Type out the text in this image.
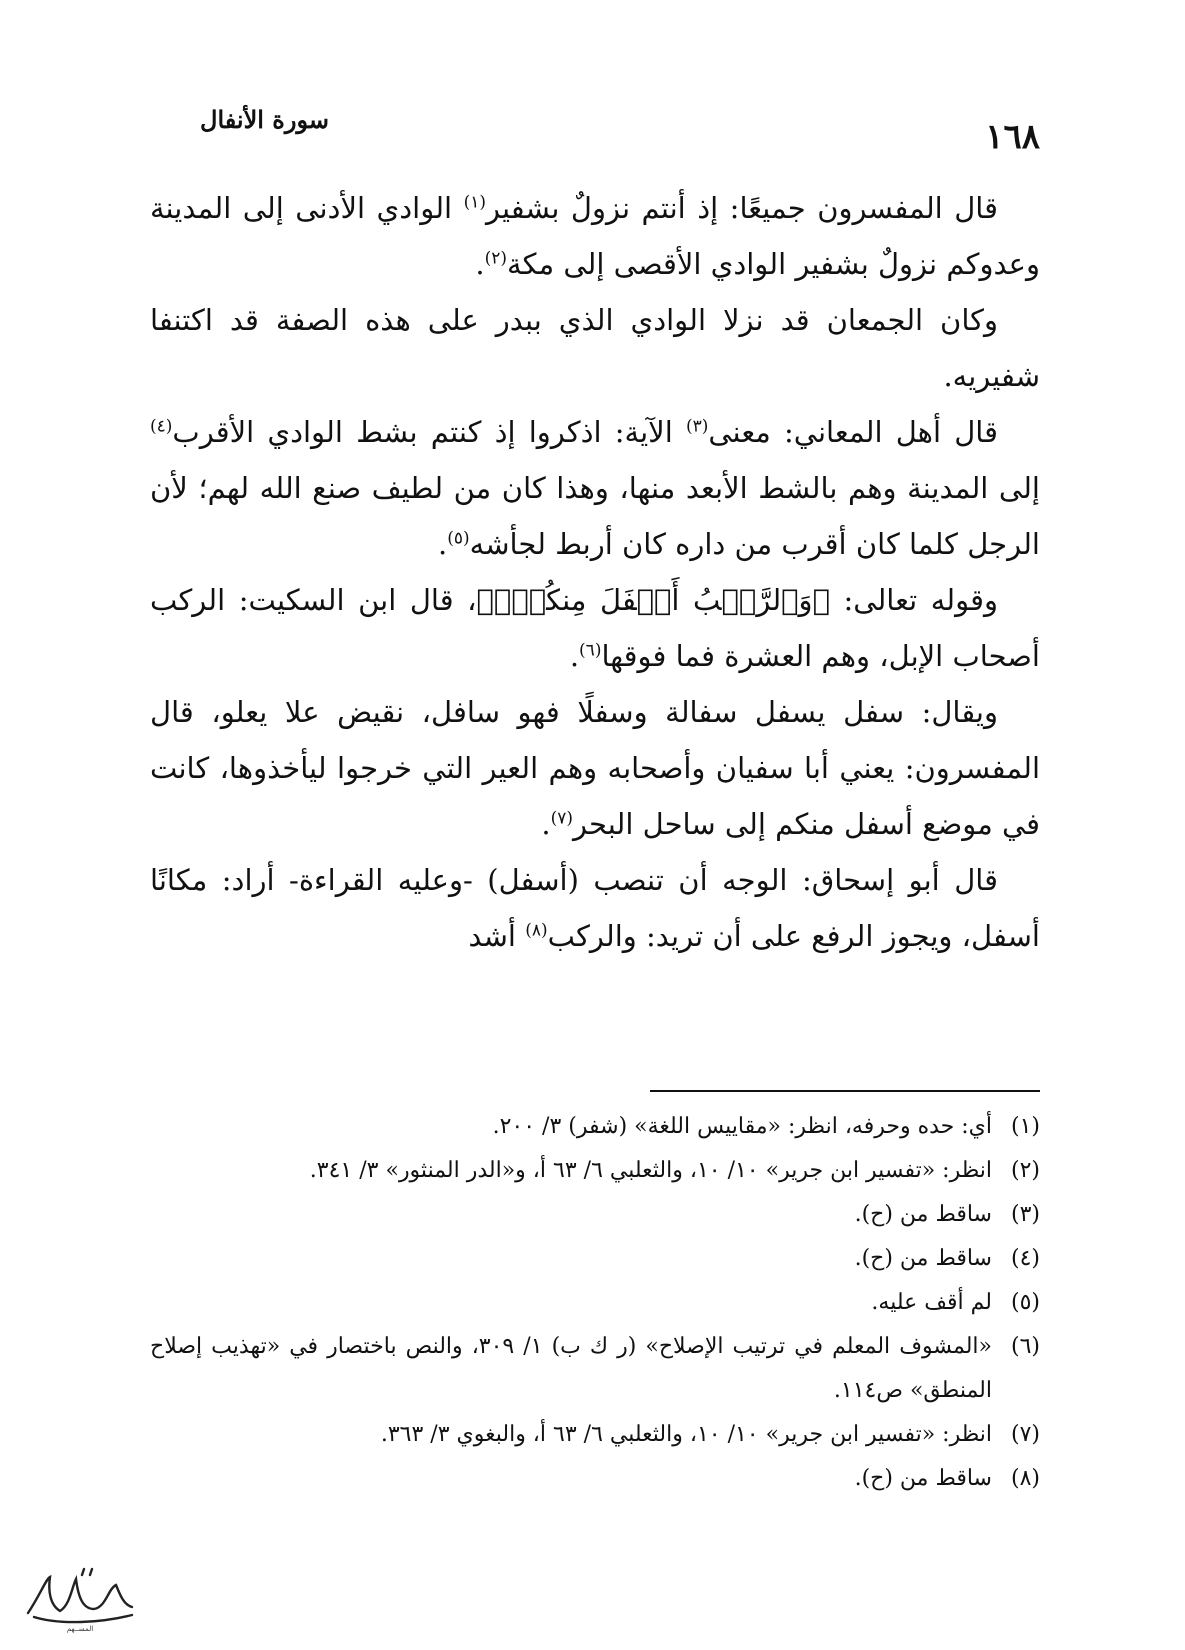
سورة الأنفال	١٦٨

قال المفسرون جميعًا: إذ أنتم نزولٌ بشفير$^{(١)}$ الوادي الأدنى إلى المدينة وعدوكم نزولٌ بشفير الوادي الأقصى إلى مكة$^{(٢)}$.

وكان الجمعان قد نزلا الوادي الذي ببدر على هذه الصفة قد اكتنفا شفيريه.

قال أهل المعاني: معنى$^{(٣)}$ الآية: اذكروا إذ كنتم بشط الوادي الأقرب$^{(٤)}$ إلى المدينة وهم بالشط الأبعد منها، وهذا كان من لطيف صنع الله لهم؛ لأن الرجل كلما كان أقرب من داره كان أربط لجأشه$^{(٥)}$.

وقوله تعالى: ﴿وَٱلرَّكۡبُ أَسۡفَلَ مِنكُمۡۚ﴾، قال ابن السكيت: الركب أصحاب الإبل، وهم العشرة فما فوقها$^{(٦)}$.

ويقال: سفل يسفل سفالة وسفلًا فهو سافل، نقيض علا يعلو، قال المفسرون: يعني أبا سفيان وأصحابه وهم العير التي خرجوا ليأخذوها، كانت في موضع أسفل منكم إلى ساحل البحر$^{(٧)}$.

قال أبو إسحاق: الوجه أن تنصب (أسفل) -وعليه القراءة- أراد: مكانًا أسفل، ويجوز الرفع على أن تريد: والركب$^{(٨)}$ أشد

(١)
أي: حده وحرفه، انظر: «مقاييس اللغة» (شفر) ٣/ ٢٠٠.
(٢)
انظر: «تفسير ابن جرير» ١٠/ ١٠، والثعلبي ٦/ ٦٣ أ، و«الدر المنثور» ٣/ ٣٤١.
(٣)
ساقط من (ح).
(٤)
ساقط من (ح).
(٥)
لم أقف عليه.
(٦)
«المشوف المعلم في ترتيب الإصلاح» (ر ك ب) ١/ ٣٠٩، والنص باختصار في «تهذيب إصلاح المنطق» ص١١٤.
(٧)
انظر: «تفسير ابن جرير» ١٠/ ١٠، والثعلبي ٦/ ٦٣ أ، والبغوي ٣/ ٣٦٣.
(٨)
ساقط من (ح).
المسـ‍ـهم
